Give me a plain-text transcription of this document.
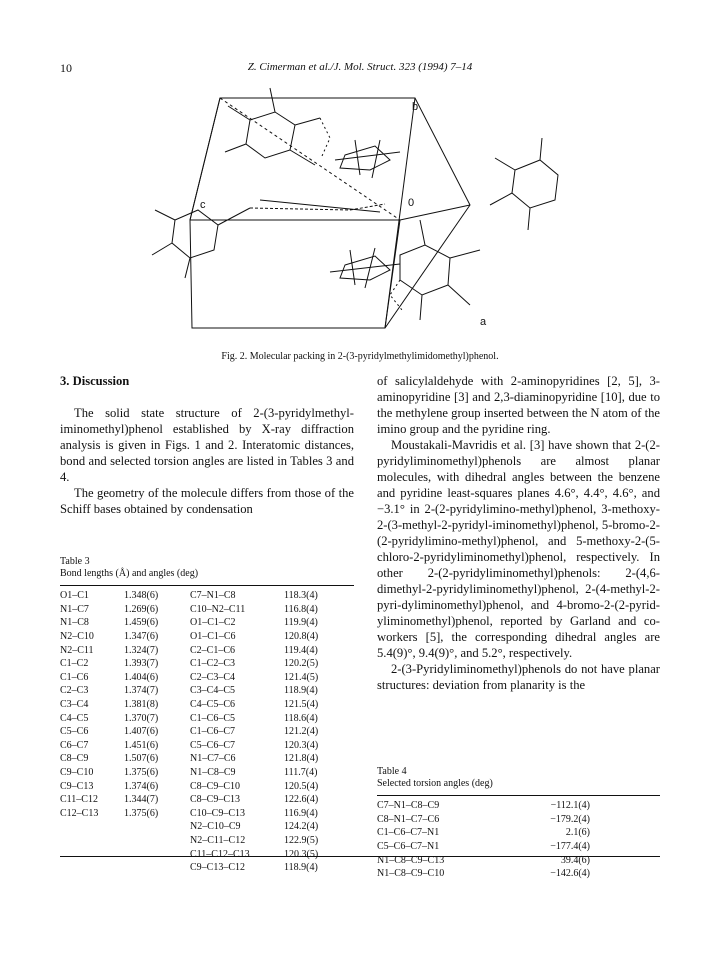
10	Z. Cimerman et al./J. Mol. Struct. 323 (1994) 7–14
b
c	0
a
Fig. 2. Molecular packing in 2-(3-pyridylmethylimidomethyl)phenol.
3. Discussion

The solid state structure of 2-(3-pyridylmethyl-iminomethyl)phenol established by X-ray diffraction analysis is given in Figs. 1 and 2. Interatomic distances, bond and selected torsion angles are listed in Tables 3 and 4.

The geometry of the molecule differs from those of the Schiff bases obtained by condensation

Table 3
Bond lengths (Å) and angles (deg)
O1–C1	1.348(6)	C7–N1–C8	118.3(4)
N1–C7	1.269(6)	C10–N2–C11	116.8(4)
N1–C8	1.459(6)	O1–C1–C2	119.9(4)
N2–C10	1.347(6)	O1–C1–C6	120.8(4)
N2–C11	1.324(7)	C2–C1–C6	119.4(4)
C1–C2	1.393(7)	C1–C2–C3	120.2(5)
C1–C6	1.404(6)	C2–C3–C4	121.4(5)
C2–C3	1.374(7)	C3–C4–C5	118.9(4)
C3–C4	1.381(8)	C4–C5–C6	121.5(4)
C4–C5	1.370(7)	C1–C6–C5	118.6(4)
C5–C6	1.407(6)	C1–C6–C7	121.2(4)
C6–C7	1.451(6)	C5–C6–C7	120.3(4)
C8–C9	1.507(6)	N1–C7–C6	121.8(4)
C9–C10	1.375(6)	N1–C8–C9	111.7(4)
C9–C13	1.374(6)	C8–C9–C10	120.5(4)
C11–C12	1.344(7)	C8–C9–C13	122.6(4)
C12–C13	1.375(6)	C10–C9–C13	116.9(4)
		N2–C10–C9	124.2(4)
		N2–C11–C12	122.9(5)
		C11–C12–C13	120.3(5)
		C9–C13–C12	118.9(4)

of salicylaldehyde with 2-aminopyridines [2, 5], 3-aminopyridine [3] and 2,3-diaminopyridine [10], due to the methylene group inserted between the N atom of the imino group and the pyridine ring.

Moustakali-Mavridis et al. [3] have shown that 2-(2-pyridyliminomethyl)phenols are almost planar molecules, with dihedral angles between the benzene and pyridine least-squares planes 4.6°, 4.4°, 4.6°, and −3.1° in 2-(2-pyridylimino-methyl)phenol, 3-methoxy-2-(3-methyl-2-pyridyl-iminomethyl)phenol, 5-bromo-2-(2-pyridylimino-methyl)phenol, and 5-methoxy-2-(5-chloro-2-pyridyliminomethyl)phenol, respectively. In other 2-(2-pyridyliminomethyl)phenols: 2-(4,6-dimethyl-2-pyridyliminomethyl)phenol, 2-(4-methyl-2-pyri-dyliminomethyl)phenol, and 4-bromo-2-(2-pyrid-yliminomethyl)phenol, reported by Garland and co-workers [5], the corresponding dihedral angles are 5.4(9)°, 9.4(9)°, and 5.2°, respectively.

2-(3-Pyridyliminomethyl)phenols do not have planar structures: deviation from planarity is the

Table 4
Selected torsion angles (deg)
C7–N1–C8–C9	−112.1(4)
C8–N1–C7–C6	−179.2(4)
C1–C6–C7–N1	2.1(6)
C5–C6–C7–N1	−177.4(4)
N1–C8–C9–C13	39.4(6)
N1–C8–C9–C10	−142.6(4)
